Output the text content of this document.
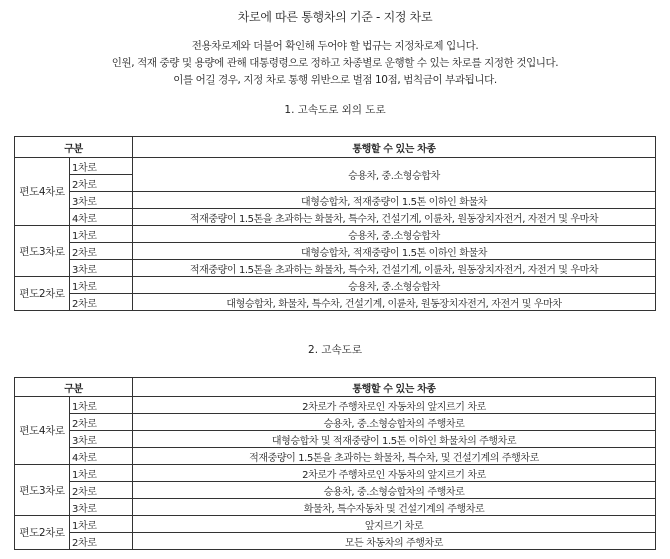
차로에 따른 통행차의 기준 - 지정 차로
전용차로제와 더불어 확인해 두어야 할 법규는 지정차로제 입니다.
인원, 적재 중량 및 용량에 관해 대통령령으로 정하고 차종별로 운행할 수 있는 차로를 지정한 것입니다.
이를 어길 경우, 지정 차로 통행 위반으로 벌점 10점, 범칙금이 부과됩니다.
1. 고속도로 외의 도로
구분		통행할 수 있는 차종
편도4차로	1차로	승용차, 중.소형승합차
	2차로	
	3차로	대형승합차, 적재중량이 1.5톤 이하인 화물차
	4차로	적재중량이 1.5톤을 초과하는 화물차, 특수차, 건설기계, 이륜차, 원동장치자전거, 자전거 및 우마차
편도3차로	1차로	승용차, 중.소형승합차
	2차로	대형승합차, 적재중량이 1.5톤 이하인 화물차
	3차로	적재중량이 1.5톤을 초과하는 화물차, 특수차, 건설기계, 이륜차, 원동장치자전거, 자전거 및 우마차
편도2차로	1차로	승용차, 중.소형승합차
	2차로	대형승합차, 화물차, 특수차, 건설기계, 이륜차, 원동장치자전거, 자전거 및 우마차
2. 고속도로
구분		통행할 수 있는 차종
편도4차로	1차로	2차로가 주행차로인 자동차의 앞지르기 차로
	2차로	승용차, 중.소형승합차의 주행차로
	3차로	대형승합차 및 적재중량이 1.5톤 이하인 화물차의 주행차로
	4차로	적재중량이 1.5톤을 초과하는 화물차, 특수차, 및 건설기계의 주행차로
편도3차로	1차로	2차로가 주행차로인 자동차의 앞지르기 차로
	2차로	승용차, 중.소형승합차의 주행차로
	3차로	화물차, 특수자동차 및 건설기계의 주행차로
편도2차로	1차로	앞지르기 차로
	2차로	모든 차동차의 주행차로
